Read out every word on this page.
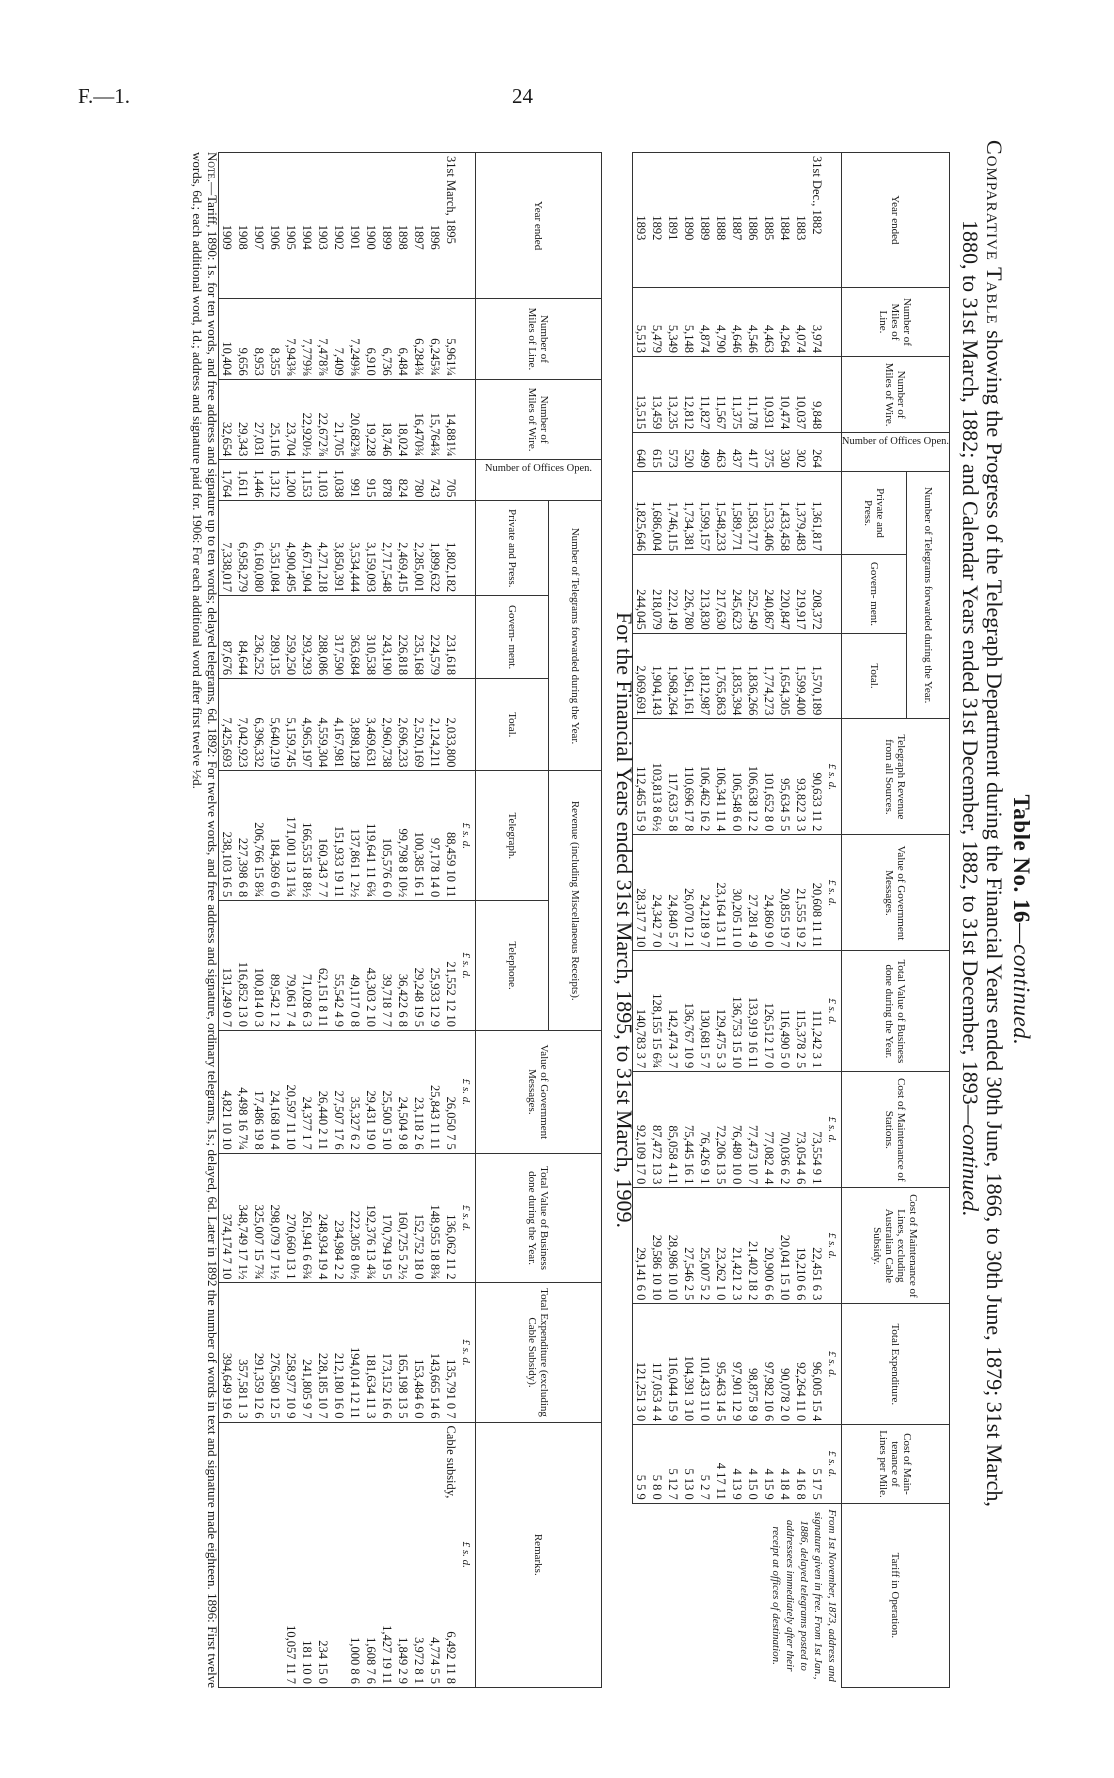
F.—1.	24
Table No. 16—continued.
Comparative Table showing the Progress of the Telegraph Department during the Financial Years ended 30th June, 1866, to 30th June, 1879; 31st March,
1880, to 31st March, 1882; and Calendar Years ended 31st December, 1882, to 31st December, 1893—continued.
Year ended	Number of Miles of Line.	Number of Miles of Wire.	Number of Offices Open.	Number of Telegrams forwarded during the Year.			Telegraph Revenue from all Sources.	Value of Government Messages.	Total Value of Business done during the Year.	Cost of Maintenance of Stations.	Cost of Maintenance of Lines, excluding Australian Cable Subsidy.	Total Expenditure.	Cost of Main- tenance of Lines per Mile.	Tariff in Operation.
				Private and Press.	Govern- ment.	Total.								
							£ s. d.	£ s. d.	£ s. d.	£ s. d.	£ s. d.	£ s. d.	£ s. d.	From 1st November, 1873, address and signature given in free. From 1st Jan., 1886, delayed telegrams posted to addressees immediately after their receipt at offices of destination.
31st Dec., 1882	3,974	9,848	264	1,361,817	208,372	1,570,189	90,633 11 2	20,608 11 11	111,242 3 1	73,554 9 1	22,451 6 3	96,005 15 4	5 17 5	
1883	4,074	10,037	302	1,379,483	219,917	1,599,400	93,822 3 3	21,555 19 2	115,378 2 5	73,054 4 6	19,210 6 6	92,264 11 0	4 16 8	
1884	4,264	10,474	330	1,433,458	220,847	1,654,305	95,634 5 5	20,855 19 7	116,490 5 0	70,036 6 2	20,041 15 10	90,078 2 0	4 18 4	
1885	4,463	10,931	375	1,533,406	240,867	1,774,273	101,652 8 0	24,860 9 0	126,512 17 0	77,082 4 4	20,900 6 6	97,982 10 6	4 15 9	
1886	4,546	11,178	417	1,583,717	252,549	1,836,266	106,638 12 2	27,281 4 9	133,919 16 11	77,473 10 7	21,402 18 2	98,875 8 9	4 15 0	
1887	4,646	11,375	437	1,589,771	245,623	1,835,394	106,548 6 0	30,205 11 0	136,753 15 10	76,480 10 0	21,421 2 3	97,901 12 9	4 13 9	
1888	4,790	11,567	463	1,548,233	217,630	1,765,863	106,341 11 4	23,164 13 11	129,475 5 3	72,206 13 5	23,262 1 0	95,463 14 5	4 17 11	
1889	4,874	11,827	499	1,599,157	213,830	1,812,987	106,462 16 2	24,218 9 7	130,681 5 7	76,426 9 1	25,007 5 2	101,433 11 0	5 2 7	
1890	5,148	12,812	520	1,734,381	226,780	1,961,161	110,696 17 8	26,070 12 1	136,767 10 9	75,445 16 1	27,546 2 5	104,391 3 10	5 13 0	
1891	5,349	13,235	573	1,746,115	222,149	1,968,264	117,633 5 8	24,840 5 7	142,474 3 7	85,058 4 11	28,986 10 10	116,044 15 9	5 12 7	
1892	5,479	13,459	615	1,686,004	218,079	1,904,143	103,813 8 6½	24,342 7 0	128,155 15 6¾	87,472 13 3	29,586 10 10	117,053 4 4	5 8 0	
1893	5,513	13,515	640	1,825,646	244,045	2,069,691	112,465 15 9	28,317 7 10	140,783 3 7	92,109 17 0	29,141 6 0	121,251 3 0	5 5 9	
For the Financial Years ended 31st March, 1895, to 31st March, 1909.
Year ended	Number of Miles of Line.	Number of Miles of Wire.	Number of Offices Open.	Number of Telegrams forwarded during the Year.			Revenue (including Miscellaneous Receipts).		Value of Government Messages.	Total Value of Business done during the Year.	Total Expenditure (excluding Cable Subsidy).	Remarks.
				Private and Press.	Govern- ment.	Total.	Telegraph.	Telephone.				
							£ s. d.	£ s. d.	£ s. d.	£ s. d.	£ s. d.	£ s. d.
31st March, 1895	5,961¼	14,881¼	705	1,802,182	231,618	2,033,800	88,459 10 11	21,552 12 10	26,050 7 5	136,062 11 2	135,791 0 7	Cable subsidy,
6,492 11 8

1896	6,245¾	15,764¾	743	1,899,632	224,579	2,124,211	97,178 14 0	25,933 12 9	25,843 11 11	148,955 18 8¾	143,665 14 6	4,774 5 5

1897	6,284¾	16,470¾	780	2,285,001	235,168	2,520,169	100,385 16 1	29,248 19 5	23,118 2 6	152,752 18 0	153,484 6 0	3,972 8 1

1898	6,484	18,024	824	2,469,415	226,818	2,696,233	99,798 8 10½	36,422 6 8	24,504 9 8	160,725 5 2½	165,198 13 5	1,849 2 9

1899	6,736	18,746	878	2,717,548	243,190	2,960,738	105,576 6 0	39,718 7 7	25,500 5 10	170,794 19 5	173,152 16 6	1,427 19 11

1900	6,910	19,228	915	3,159,093	310,538	3,469,631	119,641 11 6¾	43,303 2 10	29,431 19 0	192,376 13 4¾	181,634 11 3	1,608 7 6

1901	7,249⅜	20,682⅜	991	3,534,444	363,684	3,898,128	137,861 1 2½	49,117 0 8	35,327 6 2	222,305 8 0½	194,014 12 11	1,000 8 6

1902	7,409	21,705	1,038	3,850,391	317,590	4,167,981	151,933 19 11	55,542 4 9	27,507 17 6	234,984 2 2	212,180 16 0	

1903	7,478⅞	22,672⅞	1,103	4,271,218	288,086	4,559,304	160,343 7 7	62,151 8 11	26,440 2 11	248,934 19 4	228,185 10 7	234 15 0

1904	7,779⅜	22,920½	1,153	4,671,904	293,293	4,965,197	166,535 18 8½	71,028 6 3	24,377 1 7	261,941 6 6¾	241,805 9 7	181 10 0

1905	7,943⅜	23,704	1,200	4,900,495	259,250	5,159,745	171,001 13 11¾	79,061 7 4	20,597 11 10	270,660 13 1	258,977 10 9	10,057 11 7

1906	8,355	25,116	1,312	5,351,084	289,135	5,640,219	184,369 6 0	89,542 1 2	24,168 10 4	298,079 17 1½	276,580 12 5	

1907	8,953	27,031	1,446	6,160,080	236,252	6,396,332	206,766 15 8¾	100,814 0 3	17,486 19 8	325,007 15 7¾	291,359 12 6	

1908	9,656	29,343	1,611	6,958,279	84,644	7,042,923	227,398 6 8	116,852 13 0	4,498 16 7¼	348,749 17 1½	357,581 1 3	

1909	10,404	32,654	1,764	7,338,017	87,676	7,425,693	238,103 16 5	131,249 0 7	4,821 10 10	374,174 7 10	394,649 19 6	
Note.—Tariff, 1890: 1s. for ten words, and free address and signature up to ten words; delayed telegrams, 6d. 1892: For twelve words, and free address and signature, ordinary telegrams, 1s.; delayed, 6d. Later in 1892 the number of words in text and signature made eighteen. 1896: First twelve words, 6d.; each additional word, 1d.; address and signature paid for. 1906: For each additional word after first twelve ½d.
